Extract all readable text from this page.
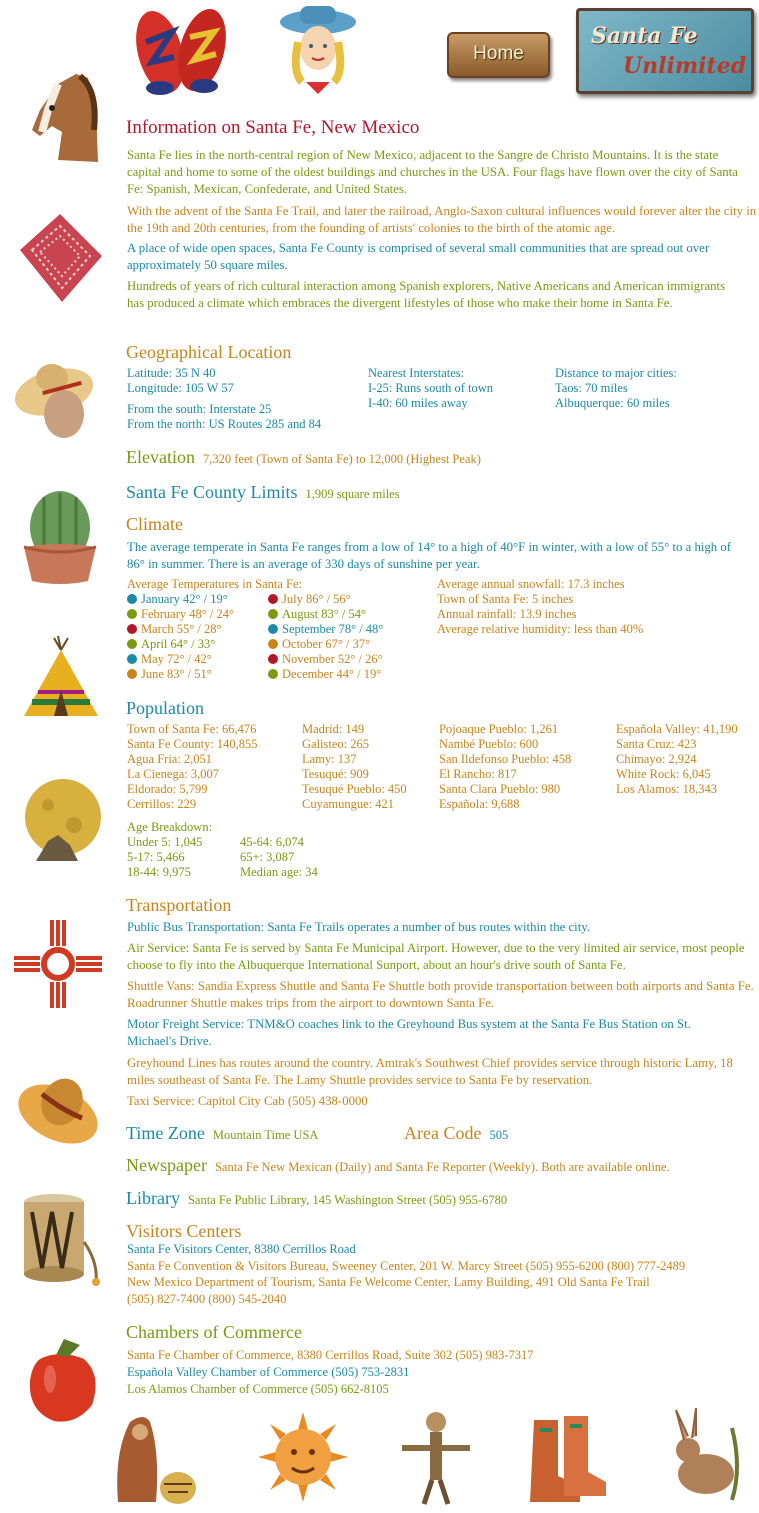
Home
Santa Fe
Unlimited
Information on Santa Fe, New Mexico
Santa Fe lies in the north-central region of New Mexico, adjacent to the Sangre de Christo Mountains. It is the state capital and home to some of the oldest buildings and churches in the USA. Four flags have flown over the city of Santa Fe: Spanish, Mexican, Confederate, and United States.
With the advent of the Santa Fe Trail, and later the railroad, Anglo-Saxon cultural influences would forever alter the city in the 19th and 20th centuries, from the founding of artists' colonies to the birth of the atomic age.
A place of wide open spaces, Santa Fe County is comprised of several small communities that are spread out over approximately 50 square miles.
Hundreds of years of rich cultural interaction among Spanish explorers, Native Americans and American immigrants has produced a climate which embraces the divergent lifestyles of those who make their home in Santa Fe.
Geographical Location
Latitude: 35 N 40
Longitude: 105 W 57
From the south: Interstate 25
From the north: US Routes 285 and 84
Nearest Interstates:
I-25: Runs south of town
I-40: 60 miles away
Distance to major cities:
Taos: 70 miles
Albuquerque: 60 miles
Elevation 7,320 feet (Town of Santa Fe) to 12,000 (Highest Peak)
Santa Fe County Limits 1,909 square miles
Climate
The average temperate in Santa Fe ranges from a low of 14° to a high of 40°F in winter, with a low of 55° to a high of 86° in summer. There is an average of 330 days of sunshine per year.
Average Temperatures in Santa Fe:
January 42° / 19°
February 48° / 24°
March 55° / 28°
April 64° / 33°
May 72° / 42°
June 83° / 51°
July 86° / 56°
August 83° / 54°
September 78° / 48°
October 67° / 37°
November 52° / 26°
December 44° / 19°
Average annual snowfall: 17.3 inches
Town of Santa Fe: 5 inches
Annual rainfall: 13.9 inches
Average relative humidity: less than 40%
Population
Town of Santa Fe: 66,476
Santa Fe County: 140,855
Agua Fria: 2,051
La Cienega: 3,007
Eldorado: 5,799
Cerrillos: 229
Madrid: 149
Galisteo: 265
Lamy: 137
Tesuqué: 909
Tesuqué Pueblo: 450
Cuyamungue: 421
Pojoaque Pueblo: 1,261
Nambé Pueblo: 600
San Ildefonso Pueblo: 458
El Rancho: 817
Santa Clara Pueblo: 980
Española: 9,688
Española Valley: 41,190
Santa Cruz: 423
Chimayo: 2,924
White Rock: 6,045
Los Alamos: 18,343
Age Breakdown:
Under 5: 1,045
5-17: 5,466
18-44: 9,975
45-64: 6,074
65+: 3,087
Median age: 34
Transportation
Public Bus Transportation: Santa Fe Trails operates a number of bus routes within the city.
Air Service: Santa Fe is served by Santa Fe Municipal Airport. However, due to the very limited air service, most people choose to fly into the Albuquerque International Sunport, about an hour's drive south of Santa Fe.
Shuttle Vans: Sandia Express Shuttle and Santa Fe Shuttle both provide transportation between both airports and Santa Fe. Roadrunner Shuttle makes trips from the airport to downtown Santa Fe.
Motor Freight Service: TNM&O coaches link to the Greyhound Bus system at the Santa Fe Bus Station on St. Michael's Drive.
Greyhound Lines has routes around the country. Amtrak's Southwest Chief provides service through historic Lamy, 18 miles southeast of Santa Fe. The Lamy Shuttle provides service to Santa Fe by reservation.
Taxi Service: Capitol City Cab (505) 438-0000
Time Zone Mountain Time USA	Area Code 505
Newspaper Santa Fe New Mexican (Daily) and Santa Fe Reporter (Weekly). Both are available online.
Library Santa Fe Public Library, 145 Washington Street (505) 955-6780
Visitors Centers
Santa Fe Visitors Center, 8380 Cerrillos Road
Santa Fe Convention & Visitors Bureau, Sweeney Center, 201 W. Marcy Street (505) 955-6200 (800) 777-2489
New Mexico Department of Tourism, Santa Fe Welcome Center, Lamy Building, 491 Old Santa Fe Trail
(505) 827-7400 (800) 545-2040
Chambers of Commerce
Santa Fe Chamber of Commerce, 8380 Cerrillos Road, Suite 302 (505) 983-7317
Española Valley Chamber of Commerce (505) 753-2831
Los Alamos Chamber of Commerce (505) 662-8105
